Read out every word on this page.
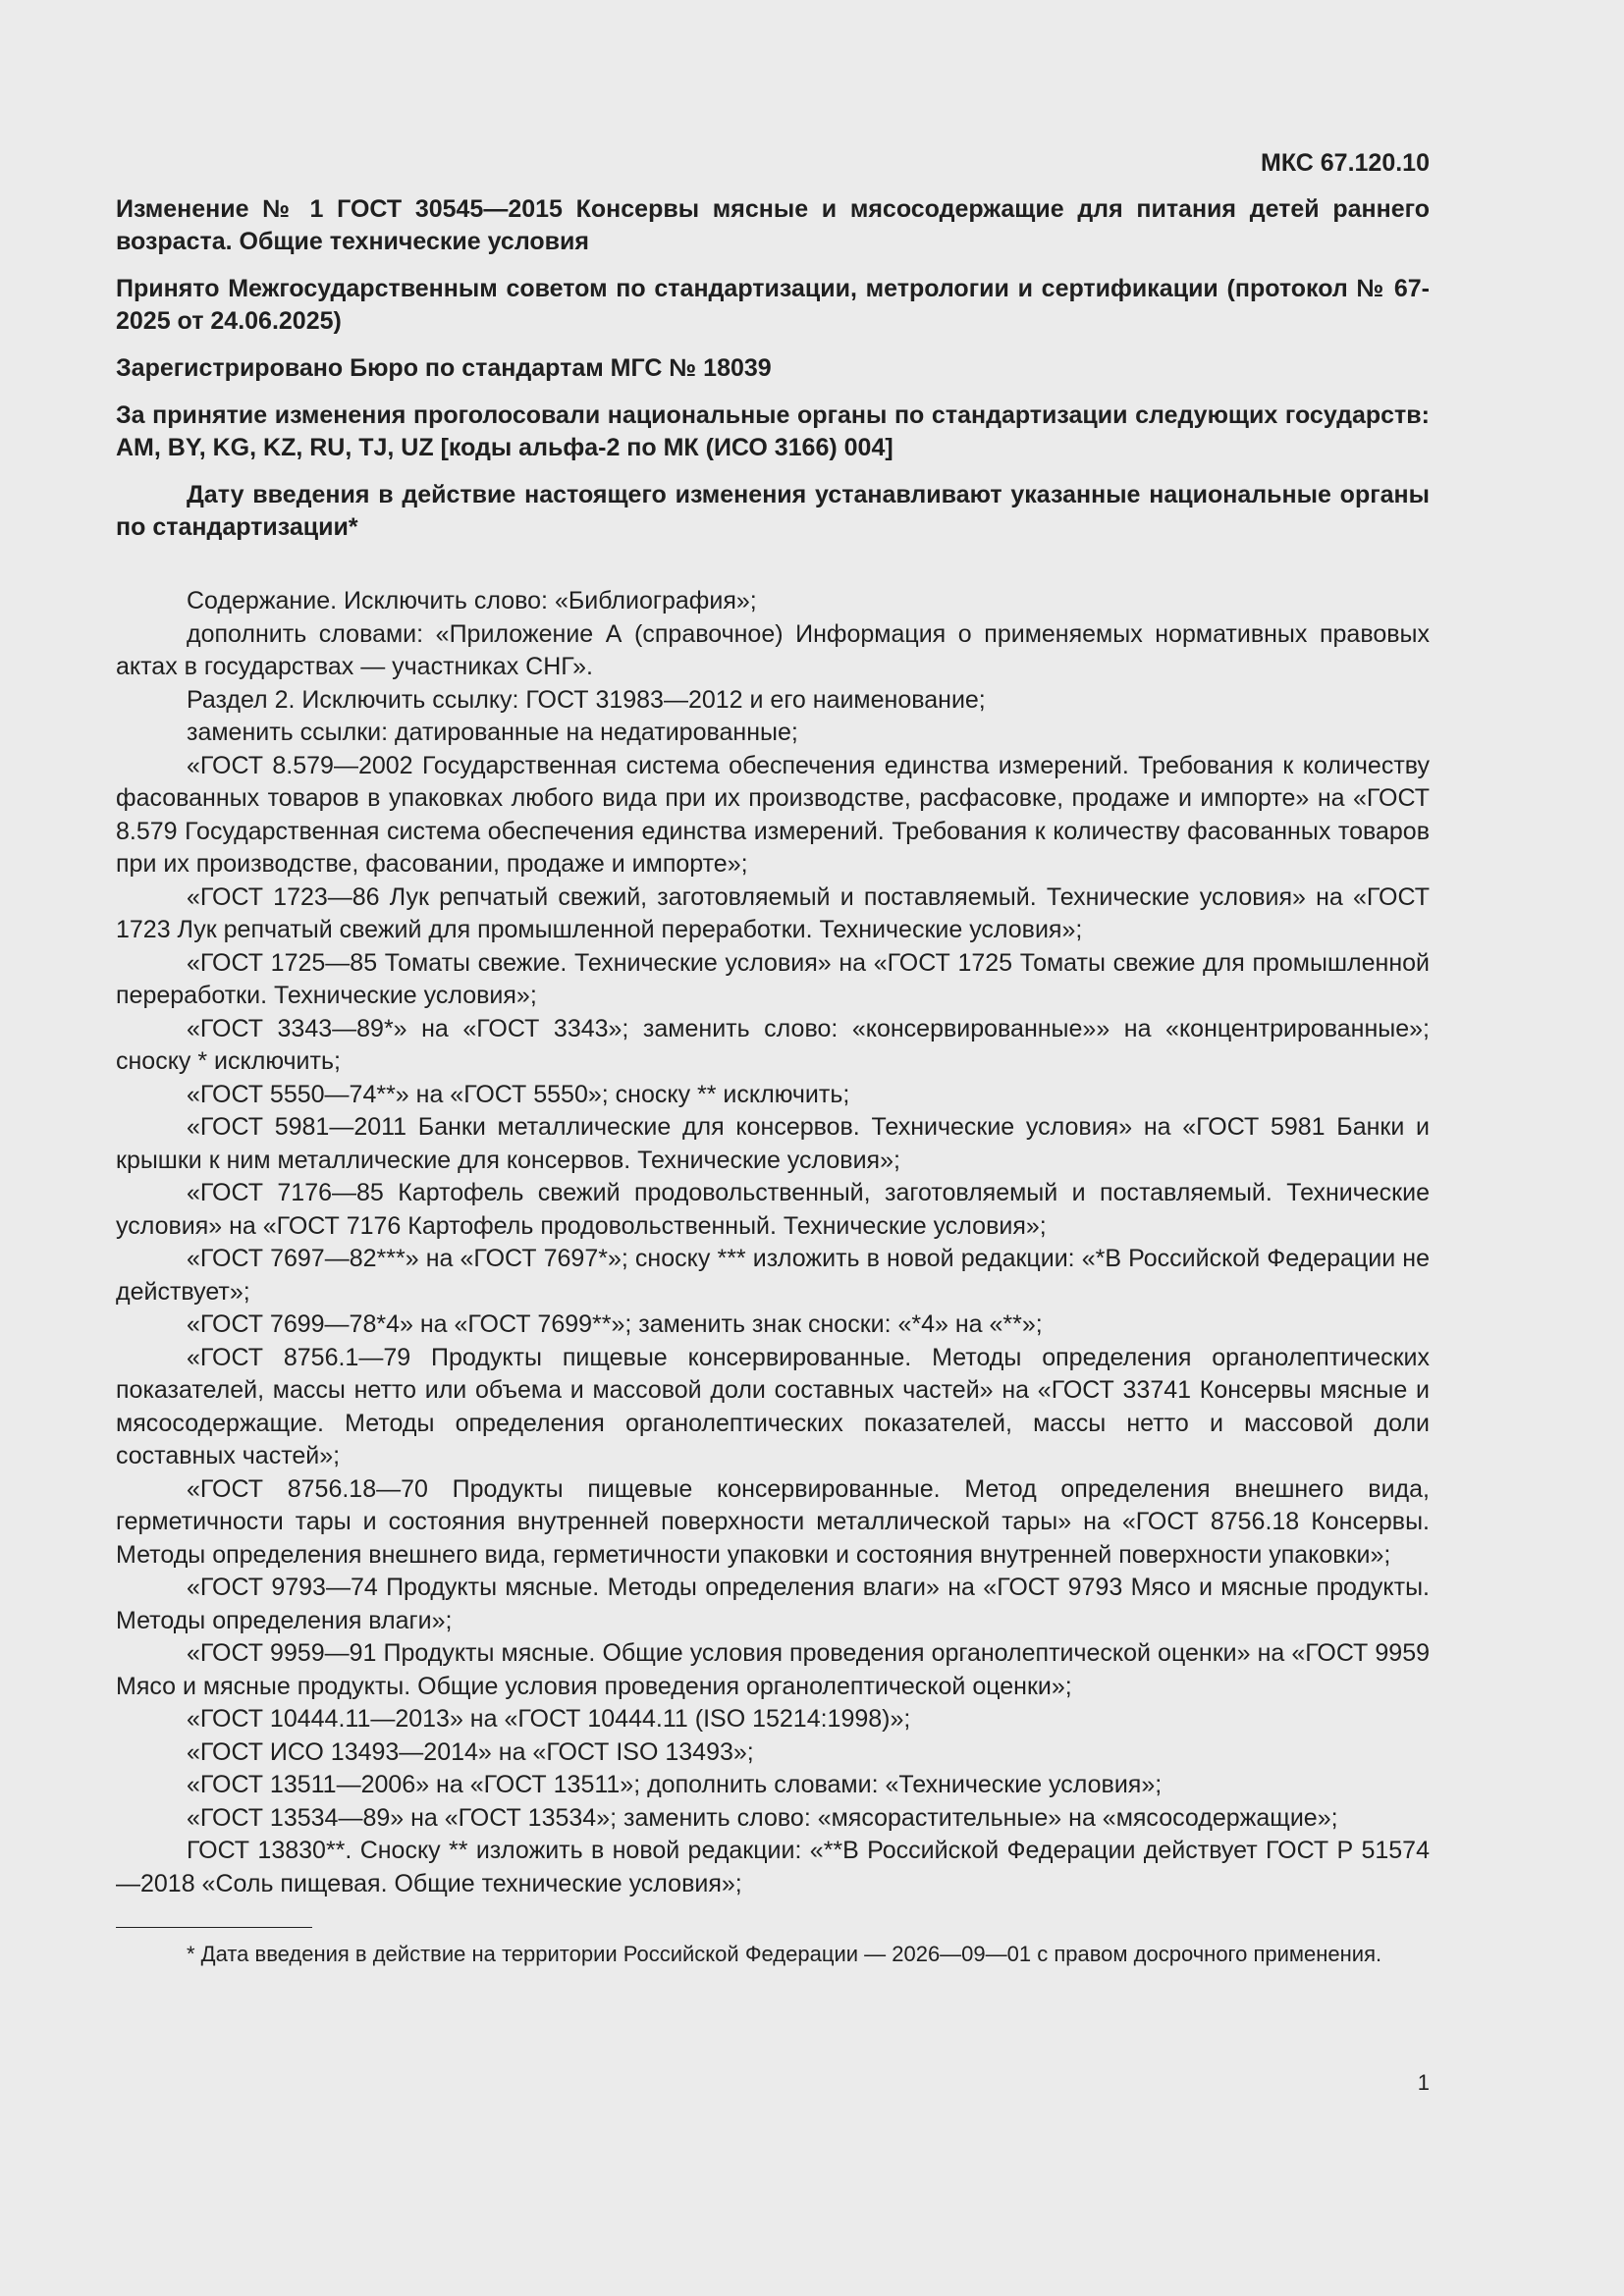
МКС 67.120.10
Изменение № 1 ГОСТ 30545—2015 Консервы мясные и мясосодержащие для питания детей раннего возраста. Общие технические условия
Принято Межгосударственным советом по стандартизации, метрологии и сертификации (протокол № 67-2025 от 24.06.2025)
Зарегистрировано Бюро по стандартам МГС № 18039
За принятие изменения проголосовали национальные органы по стандартизации следующих государств: AM, BY, KG, KZ, RU, TJ, UZ [коды альфа-2 по МК (ИСО 3166) 004]
Дату введения в действие настоящего изменения устанавливают указанные национальные органы по стандартизации*

Содержание. Исключить слово: «Библиография»;

дополнить словами: «Приложение А (справочное) Информация о применяемых нормативных правовых актах в государствах — участниках СНГ».

Раздел 2. Исключить ссылку: ГОСТ 31983—2012 и его наименование;

заменить ссылки: датированные на недатированные;

«ГОСТ 8.579—2002 Государственная система обеспечения единства измерений. Требования к количеству фасованных товаров в упаковках любого вида при их производстве, расфасовке, продаже и импорте» на «ГОСТ 8.579 Государственная система обеспечения единства измерений. Требования к количеству фасованных товаров при их производстве, фасовании, продаже и импорте»;

«ГОСТ 1723—86 Лук репчатый свежий, заготовляемый и поставляемый. Технические условия» на «ГОСТ 1723 Лук репчатый свежий для промышленной переработки. Технические условия»;

«ГОСТ 1725—85 Томаты свежие. Технические условия» на «ГОСТ 1725 Томаты свежие для промышленной переработки. Технические условия»;

«ГОСТ 3343—89*» на «ГОСТ 3343»; заменить слово: «консервированные»» на «концентрированные»; сноску * исключить;

«ГОСТ 5550—74**» на «ГОСТ 5550»; сноску ** исключить;

«ГОСТ 5981—2011 Банки металлические для консервов. Технические условия» на «ГОСТ 5981 Банки и крышки к ним металлические для консервов. Технические условия»;

«ГОСТ 7176—85 Картофель свежий продовольственный, заготовляемый и поставляемый. Технические условия» на «ГОСТ 7176 Картофель продовольственный. Технические условия»;

«ГОСТ 7697—82***» на «ГОСТ 7697*»; сноску *** изложить в новой редакции: «*В Российской Федерации не действует»;

«ГОСТ 7699—78*4» на «ГОСТ 7699**»; заменить знак сноски: «*4» на «**»;

«ГОСТ 8756.1—79 Продукты пищевые консервированные. Методы определения органолептических показателей, массы нетто или объема и массовой доли составных частей» на «ГОСТ 33741 Консервы мясные и мясосодержащие. Методы определения органолептических показателей, массы нетто и массовой доли составных частей»;

«ГОСТ 8756.18—70 Продукты пищевые консервированные. Метод определения внешнего вида, герметичности тары и состояния внутренней поверхности металлической тары» на «ГОСТ 8756.18 Консервы. Методы определения внешнего вида, герметичности упаковки и состояния внутренней поверхности упаковки»;

«ГОСТ 9793—74 Продукты мясные. Методы определения влаги» на «ГОСТ 9793 Мясо и мясные продукты. Методы определения влаги»;

«ГОСТ 9959—91 Продукты мясные. Общие условия проведения органолептической оценки» на «ГОСТ 9959 Мясо и мясные продукты. Общие условия проведения органолептической оценки»;

«ГОСТ 10444.11—2013» на «ГОСТ 10444.11 (ISO 15214:1998)»;

«ГОСТ ИСО 13493—2014» на «ГОСТ ISO 13493»;

«ГОСТ 13511—2006» на «ГОСТ 13511»; дополнить словами: «Технические условия»;

«ГОСТ 13534—89» на «ГОСТ 13534»; заменить слово: «мясорастительные» на «мясосодержащие»;

ГОСТ 13830**. Сноску ** изложить в новой редакции: «**В Российской Федерации действует ГОСТ Р 51574—2018 «Соль пищевая. Общие технические условия»;

* Дата введения в действие на территории Российской Федерации — 2026—09—01 с правом досрочного применения.

1
